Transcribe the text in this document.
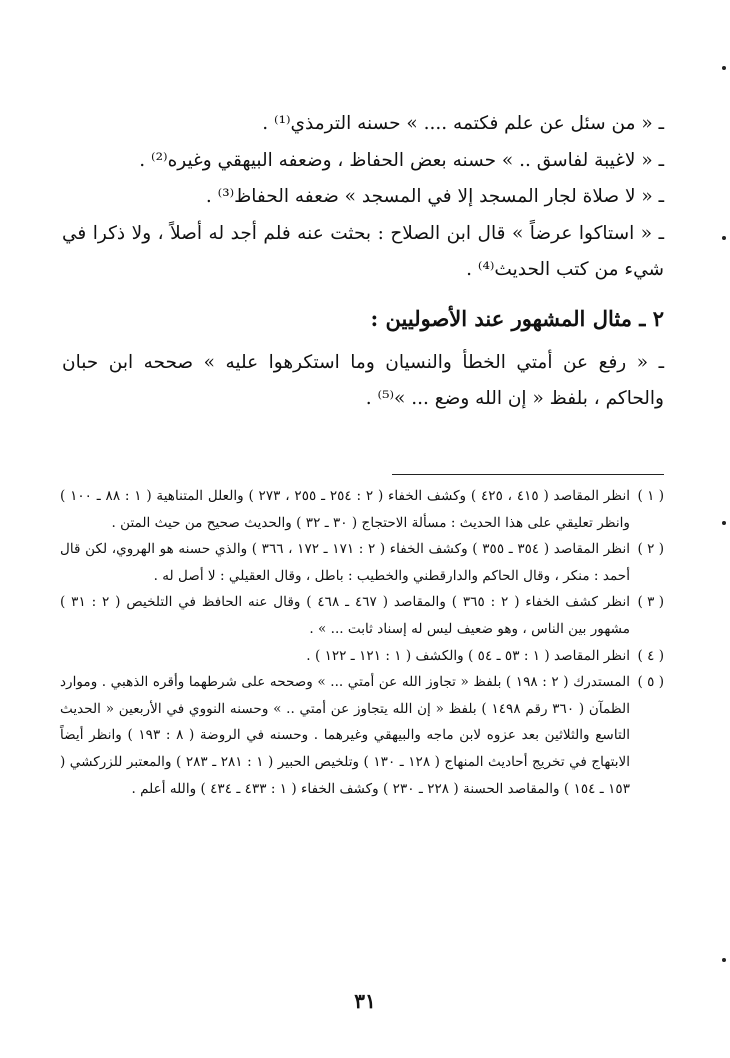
ـ « من سئل عن علم فكتمه .... » حسنه الترمذي⁽¹⁾ .

ـ « لاغيبة لفاسق .. » حسنه بعض الحفاظ ، وضعفه البيهقي وغيره⁽²⁾ .

ـ « لا صلاة لجار المسجد إلا في المسجد » ضعفه الحفاظ⁽³⁾ .

ـ « استاكوا عرضاً » قال ابن الصلاح : بحثت عنه فلم أجد له أصلاً ، ولا ذكرا في شيء من كتب الحديث⁽⁴⁾ .

٢ ـ مثال المشهور عند الأصوليين :

ـ « رفع عن أمتي الخطأ والنسيان وما استكرهوا عليه » صححه ابن حبان والحاكم ، بلفظ « إن الله وضع ... »⁽⁵⁾ .

( ١ )
انظر المقاصد ( ٤١٥ ، ٤٢٥ ) وكشف الخفاء ( ٢ : ٢٥٤ ـ ٢٥٥ ، ٢٧٣ ) والعلل المتناهية ( ١ : ٨٨ ـ ١٠٠ ) وانظر تعليقي على هذا الحديث : مسألة الاحتجاج ( ٣٠ ـ ٣٢ ) والحديث صحيح من حيث المتن .
( ٢ )
انظر المقاصد ( ٣٥٤ ـ ٣٥٥ ) وكشف الخفاء ( ٢ : ١٧١ ـ ١٧٢ ، ٣٦٦ ) والذي حسنه هو الهروي، لكن قال أحمد : منكر ، وقال الحاكم والدارقطني والخطيب : باطل ، وقال العقيلي : لا أصل له .
( ٣ )
انظر كشف الخفاء ( ٢ : ٣٦٥ ) والمقاصد ( ٤٦٧ ـ ٤٦٨ ) وقال عنه الحافظ في التلخيص ( ٢ : ٣١ ) مشهور بين الناس ، وهو ضعيف ليس له إسناد ثابت ... » .
( ٤ )
انظر المقاصد ( ١ : ٥٣ ـ ٥٤ ) والكشف ( ١ : ١٢١ ـ ١٢٢ ) .
( ٥ )
المستدرك ( ٢ : ١٩٨ ) بلفظ « تجاوز الله عن أمتي ... » وصححه على شرطهما وأقره الذهبي . وموارد الظمآن ( ٣٦٠ رقم ١٤٩٨ ) بلفظ « إن الله يتجاوز عن أمتي .. » وحسنه النووي في الأربعين « الحديث التاسع والثلاثين بعد عزوه لابن ماجه والبيهقي وغيرهما . وحسنه في الروضة ( ٨ : ١٩٣ ) وانظر أيضاً الابتهاج في تخريج أحاديث المنهاج ( ١٢٨ ـ ١٣٠ ) وتلخيص الحبير ( ١ : ٢٨١ ـ ٢٨٣ ) والمعتبر للزركشي ( ١٥٣ ـ ١٥٤ ) والمقاصد الحسنة ( ٢٢٨ ـ ٢٣٠ ) وكشف الخفاء ( ١ : ٤٣٣ ـ ٤٣٤ ) والله أعلم .
٣١
